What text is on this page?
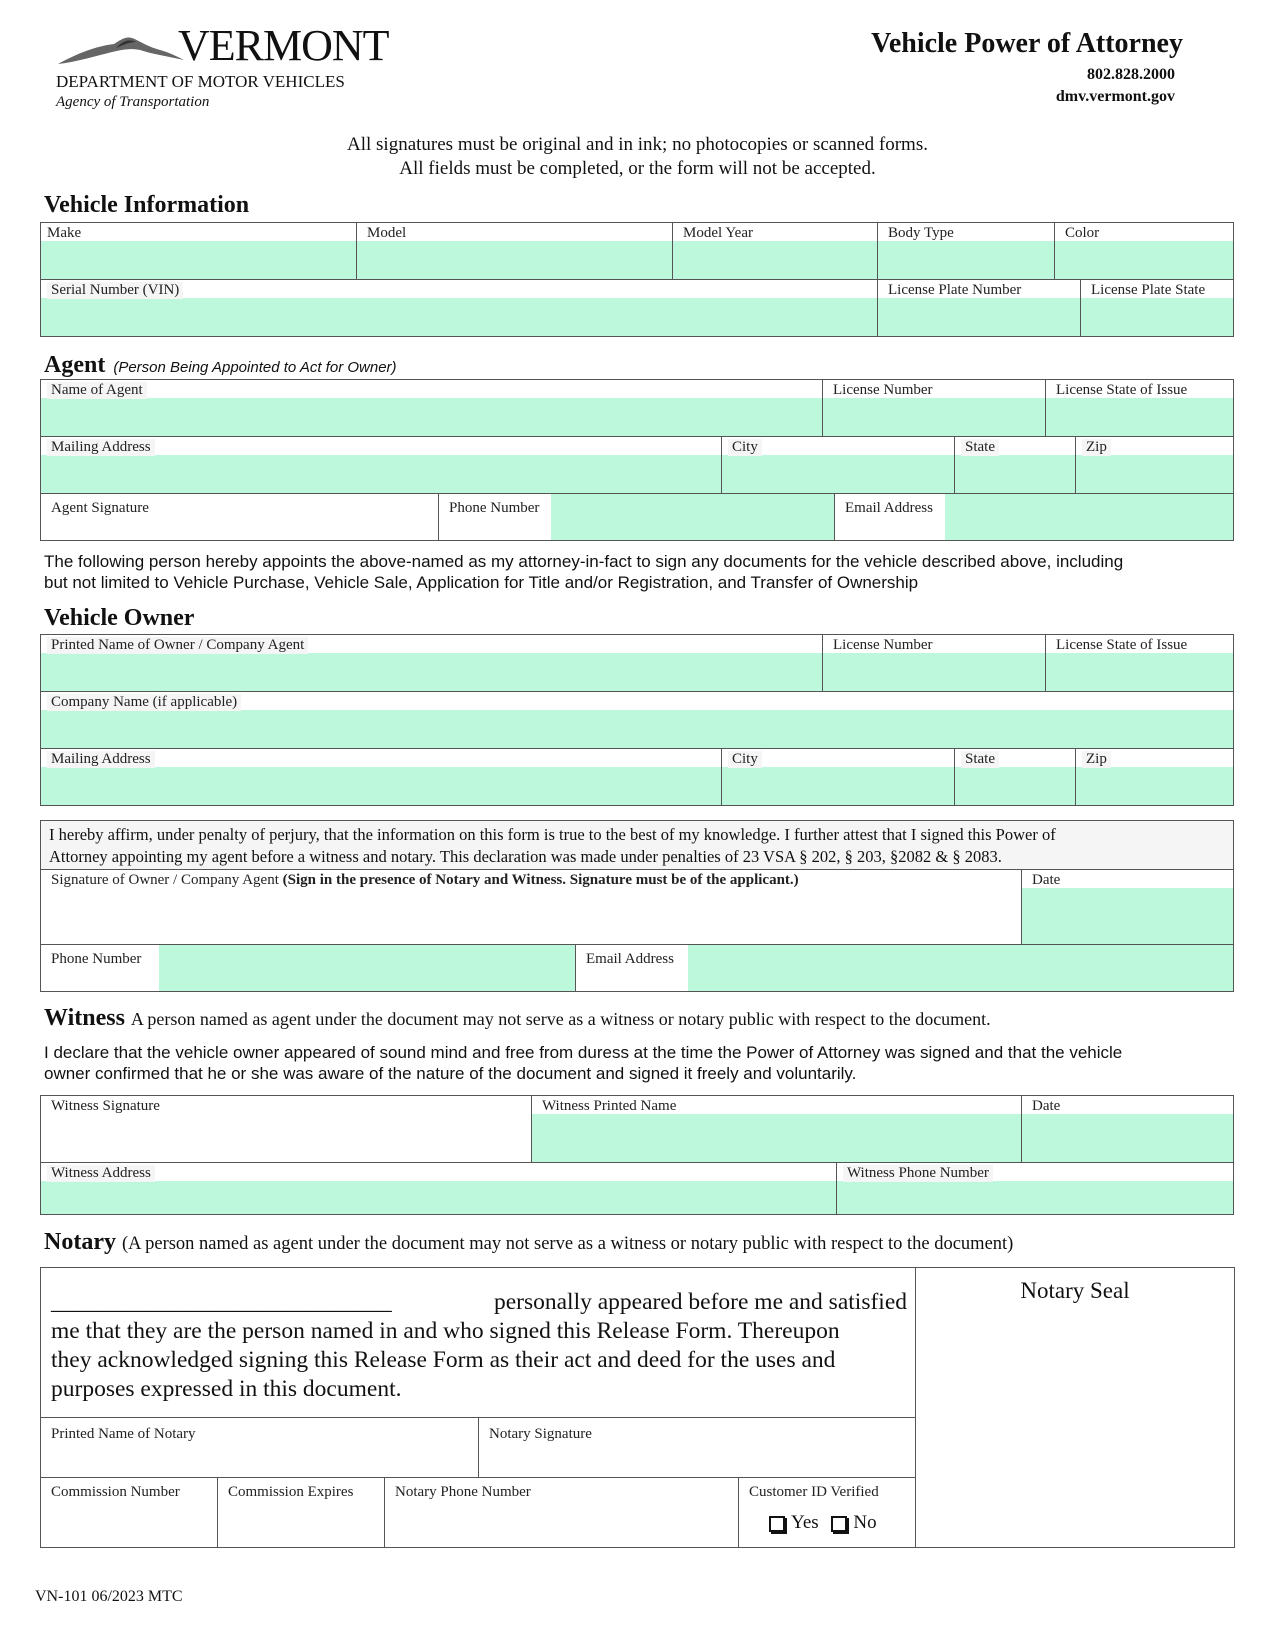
VERMONT
DEPARTMENT OF MOTOR VEHICLES
Agency of Transportation
Vehicle Power of Attorney
802.828.2000
dmv.vermont.gov
All signatures must be original and in ink; no photocopies or scanned forms.
All fields must be completed, or the form will not be accepted.
Vehicle Information
Make	Model	Model Year	Body Type	Color
Serial Number (VIN)	License Plate Number	License Plate State
Agent (Person Being Appointed to Act for Owner)
Name of Agent	License Number	License State of Issue
Mailing Address	City	State	Zip
Agent Signature	Phone Number	Email Address
The following person hereby appoints the above-named as my attorney-in-fact to sign any documents for the vehicle described above, including
but not limited to Vehicle Purchase, Vehicle Sale, Application for Title and/or Registration, and Transfer of Ownership
Vehicle Owner
Printed Name of Owner / Company Agent	License Number	License State of Issue
Company Name (if applicable)
Mailing Address	City	State	Zip
I hereby affirm, under penalty of perjury, that the information on this form is true to the best of my knowledge. I further attest that I signed this Power of
Attorney appointing my agent before a witness and notary. This declaration was made under penalties of 23 VSA § 202, § 203, §2082 & § 2083.
Signature of Owner / Company Agent (Sign in the presence of Notary and Witness. Signature must be of the applicant.)	Date
Phone Number	Email Address
Witness A person named as agent under the document may not serve as a witness or notary public with respect to the document.
I declare that the vehicle owner appeared of sound mind and free from duress at the time the Power of Attorney was signed and that the vehicle
owner confirmed that he or she was aware of the nature of the document and signed it freely and voluntarily.
Witness Signature	Witness Printed Name	Date
Witness Address	Witness Phone Number
Notary (A person named as agent under the document may not serve as a witness or notary public with respect to the document)
_____________________________	personally appeared before me and satisfied
me that they are the person named in and who signed this Release Form. Thereupon
they acknowledged signing this Release Form as their act and deed for the uses and
purposes expressed in this document.
Notary Seal
Printed Name of Notary	Notary Signature
Commission Number	Commission Expires	Notary Phone Number	Customer ID Verified
Yes No
VN-101 06/2023 MTC
